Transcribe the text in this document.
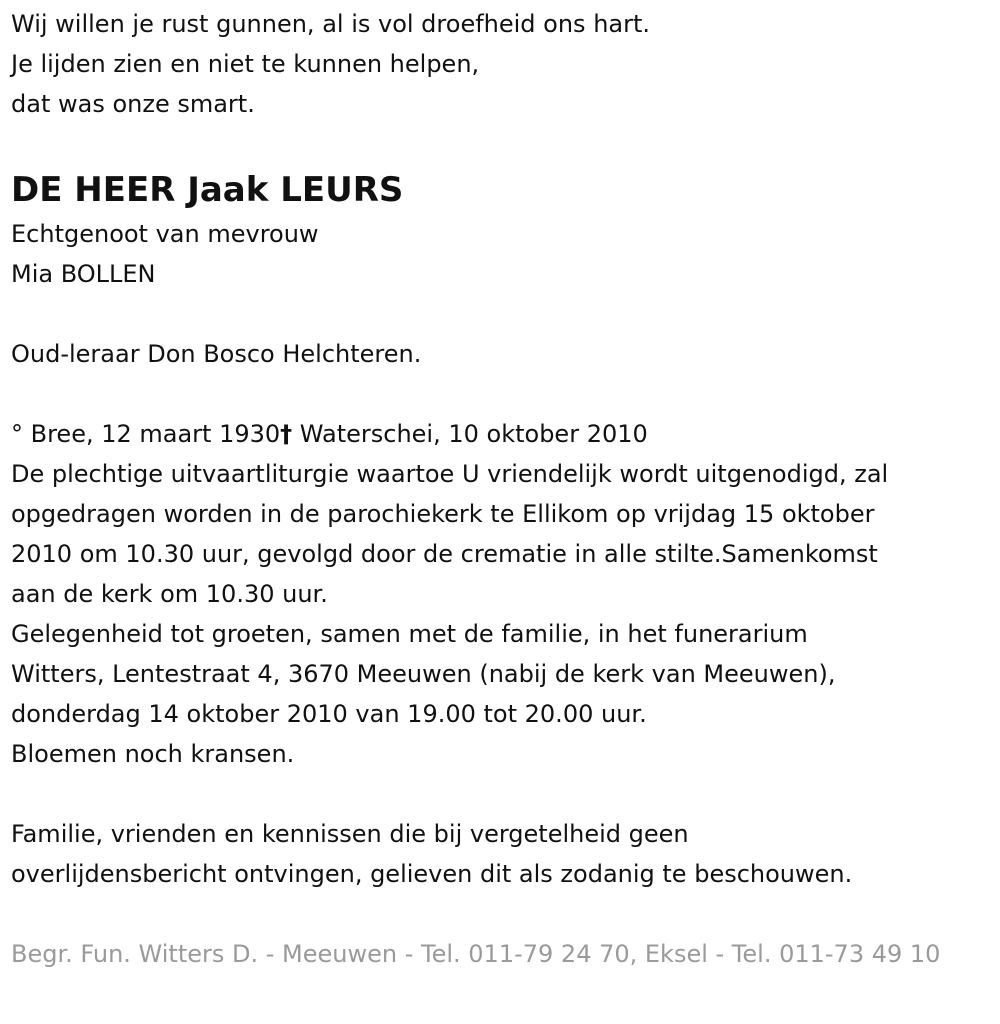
Wij willen je rust gunnen, al is vol droefheid ons hart.

Je lijden zien en niet te kunnen helpen,

dat was onze smart.

DE HEER Jaak LEURS

Echtgenoot van mevrouw

Mia BOLLEN

Oud-leraar Don Bosco Helchteren.

° Bree, 12 maart 1930† Waterschei, 10 oktober 2010

De plechtige uitvaartliturgie waartoe U vriendelijk wordt uitgenodigd, zal

opgedragen worden in de parochiekerk te Ellikom op vrijdag 15 oktober

2010 om 10.30 uur, gevolgd door de crematie in alle stilte.Samenkomst

aan de kerk om 10.30 uur.

Gelegenheid tot groeten, samen met de familie, in het funerarium

Witters, Lentestraat 4, 3670 Meeuwen (nabij de kerk van Meeuwen),

donderdag 14 oktober 2010 van 19.00 tot 20.00 uur.

Bloemen noch kransen.

Familie, vrienden en kennissen die bij vergetelheid geen

overlijdensbericht ontvingen, gelieven dit als zodanig te beschouwen.

Begr. Fun. Witters D. - Meeuwen - Tel. 011-79 24 70, Eksel - Tel. 011-73 49 10
